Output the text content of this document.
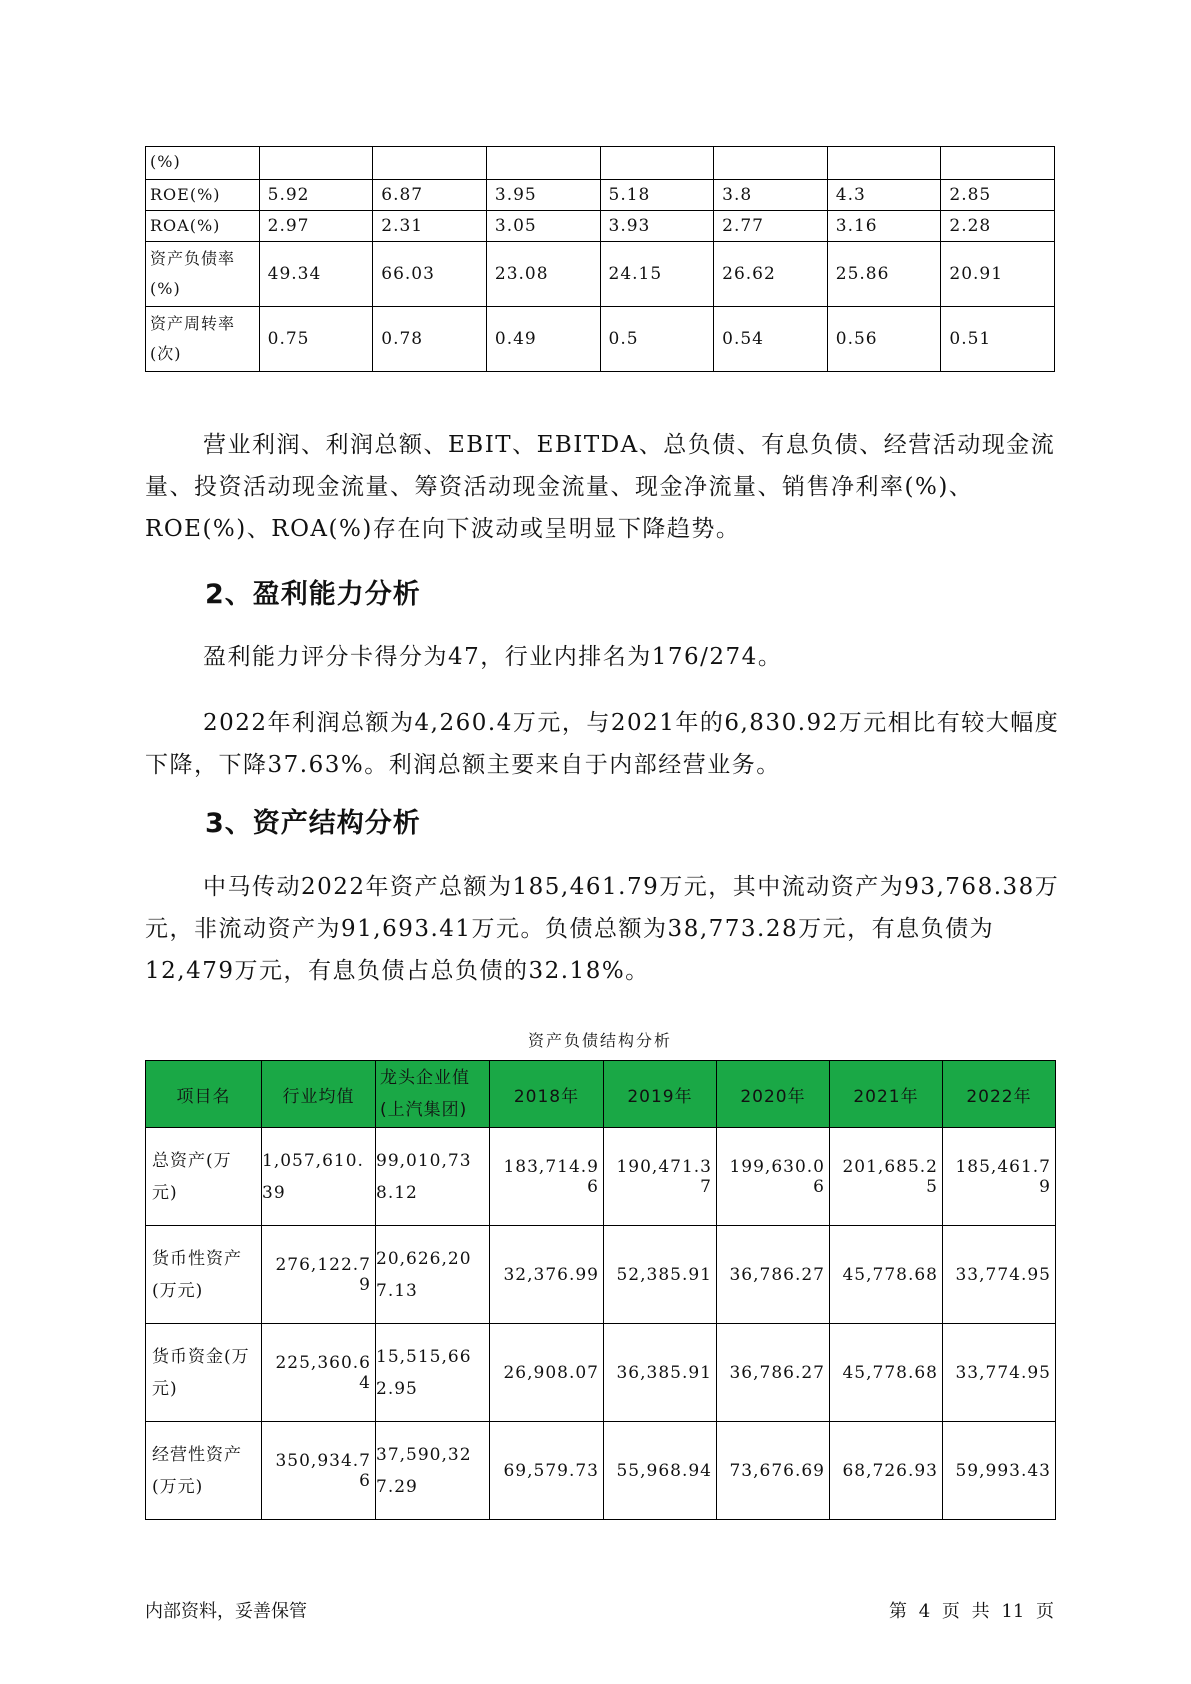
(%)							
ROE(%)	5.92	6.87	3.95	5.18	3.8	4.3	2.85
ROA(%)	2.97	2.31	3.05	3.93	2.77	3.16	2.28
资产负债率(%)	49.34	66.03	23.08	24.15	26.62	25.86	20.91
资产周转率(次)	0.75	0.78	0.49	0.5	0.54	0.56	0.51

营业利润、利润总额、EBIT、EBITDA、总负债、有息负债、经营活动现金流量、投资活动现金流量、筹资活动现金流量、现金净流量、销售净利率(%)、ROE(%)、ROA(%)存在向下波动或呈明显下降趋势。

2、盈利能力分析

盈利能力评分卡得分为47，行业内排名为176/274。

2022年利润总额为4,260.4万元，与2021年的6,830.92万元相比有较大幅度下降，下降37.63%。利润总额主要来自于内部经营业务。

3、资产结构分析

中马传动2022年资产总额为185,461.79万元，其中流动资产为93,768.38万元，非流动资产为91,693.41万元。负债总额为38,773.28万元，有息负债为12,479万元，有息负债占总负债的32.18%。

资产负债结构分析
项目名	行业均值	龙头企业值(上汽集团)	2018年	2019年	2020年	2021年	2022年
总资产(万元)	1,057,610.39	99,010,738.12	183,714.96	190,471.37	199,630.06	201,685.25	185,461.79
货币性资产(万元)	276,122.79	20,626,207.13	32,376.99	52,385.91	36,786.27	45,778.68	33,774.95
货币资金(万元)	225,360.64	15,515,662.95	26,908.07	36,385.91	36,786.27	45,778.68	33,774.95
经营性资产(万元)	350,934.76	37,590,327.29	69,579.73	55,968.94	73,676.69	68,726.93	59,993.43
内部资料，妥善保管	第 4 页 共 11 页
